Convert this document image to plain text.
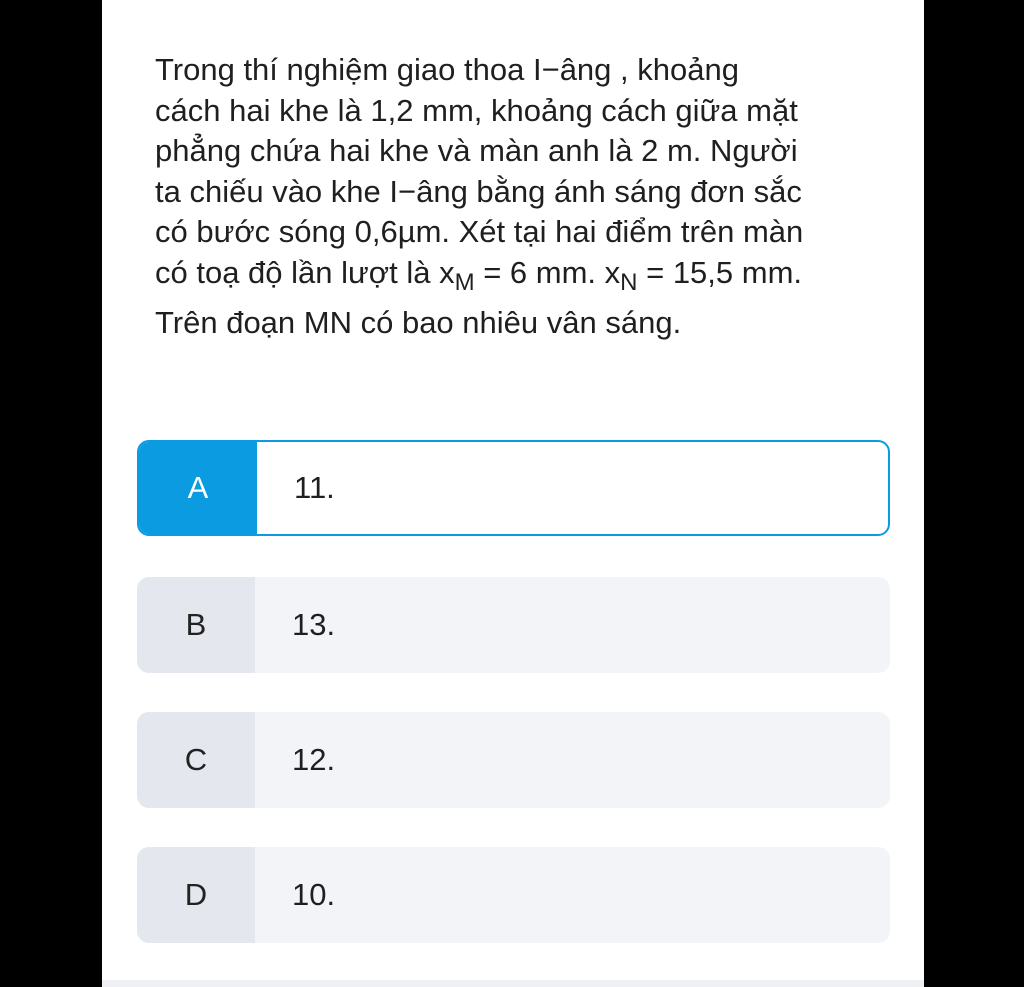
Trong thí nghiệm giao thoa I−âng , khoảng
cách hai khe là 1,2 mm, khoảng cách giữa mặt
phẳng chứa hai khe và màn anh là 2 m. Người
ta chiếu vào khe I−âng bằng ánh sáng đơn sắc
có bước sóng 0,6µm. Xét tại hai điểm trên màn
có toạ độ lần lượt là $x_M = 6$ mm. $x_N = 15,5$ mm.
Trên đoạn MN có bao nhiêu vân sáng.

A	11.
B	13.
C	12.
D	10.
